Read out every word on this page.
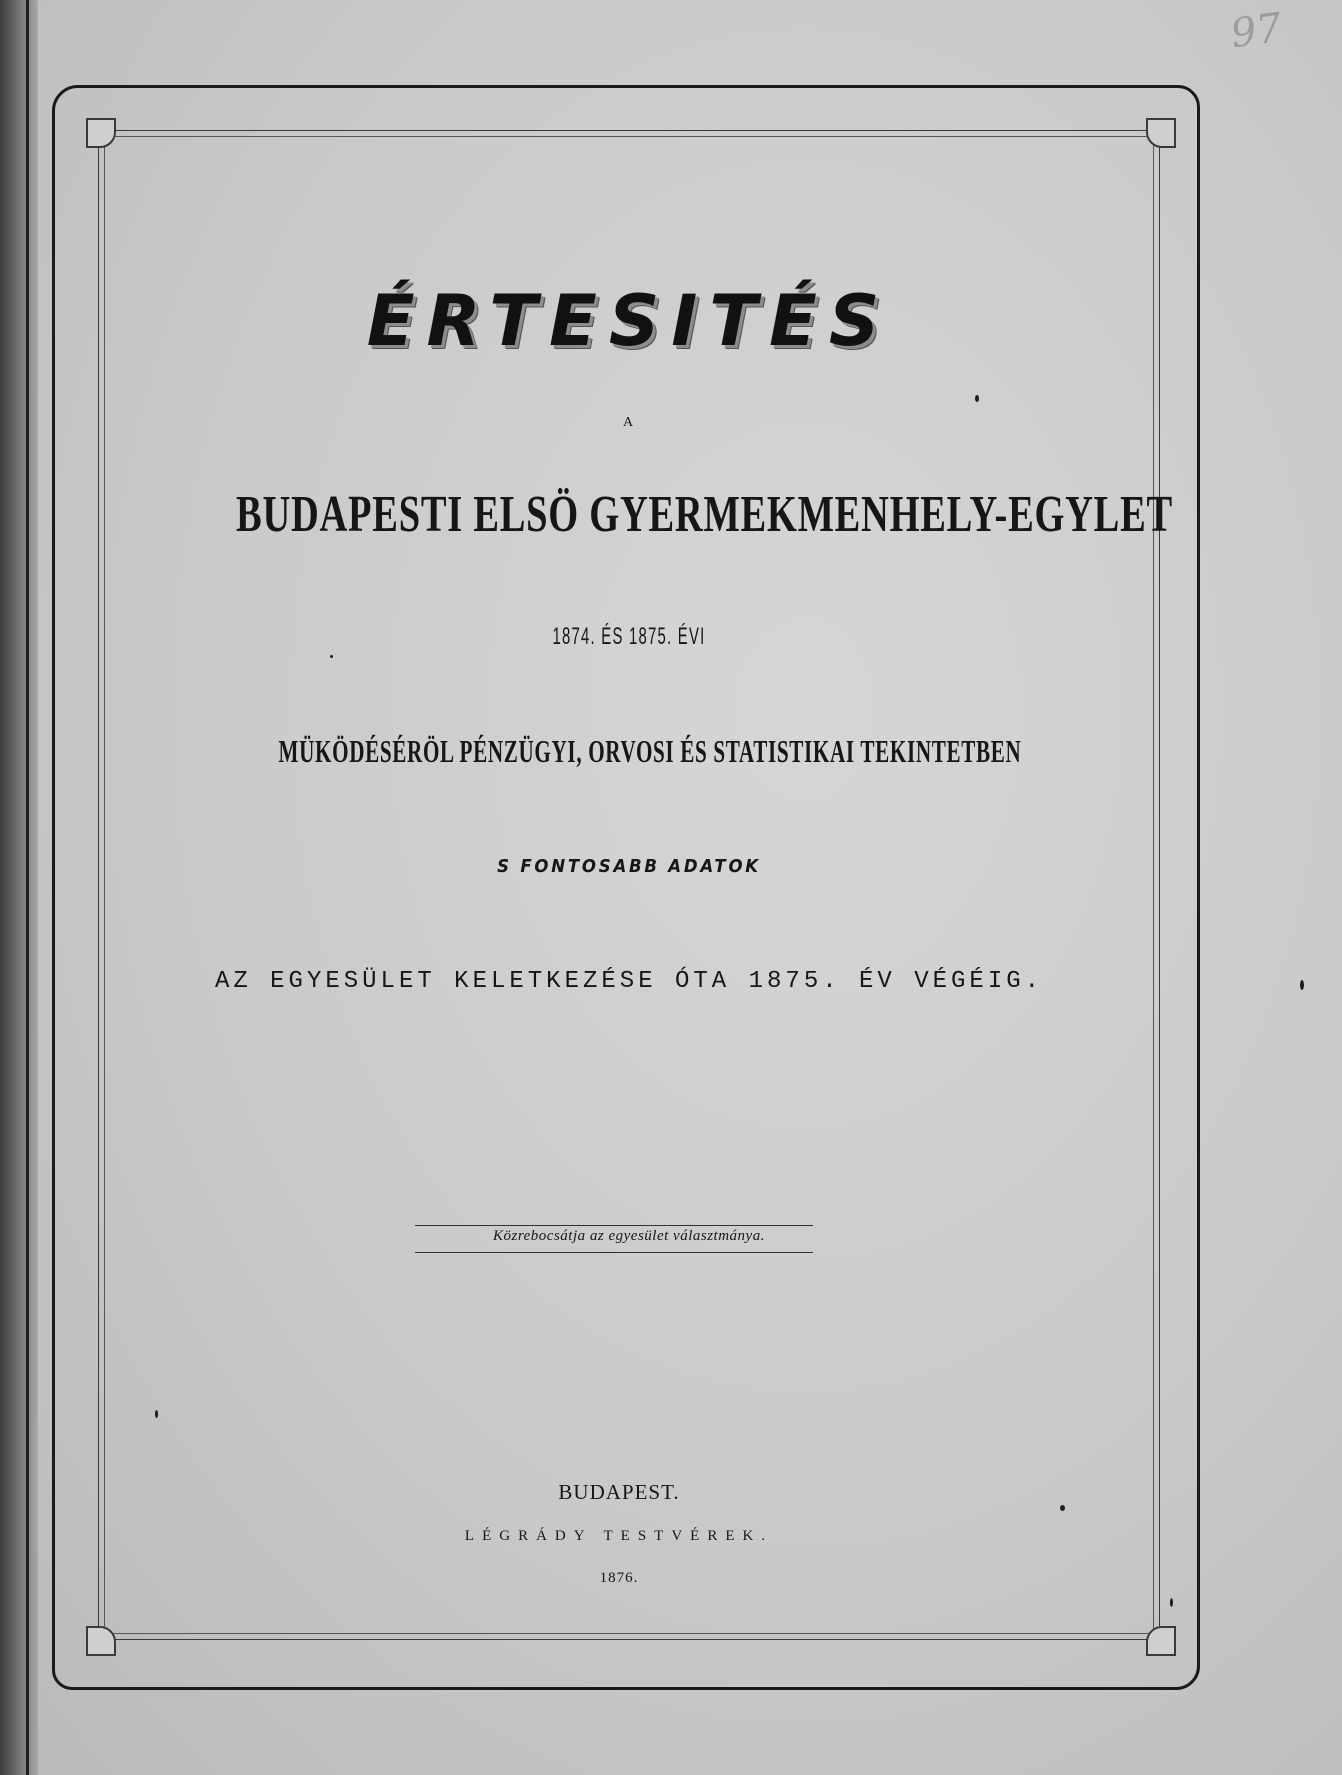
97
ÉRTESITÉS
A
BUDAPESTI ELSÖ GYERMEKMENHELY-EGYLET
1874. ÉS 1875. ÉVI
MÜKÖDÉSÉRÖL PÉNZÜGYI, ORVOSI ÉS STATISTIKAI TEKINTETBEN
S FONTOSABB ADATOK
AZ EGYESÜLET KELETKEZÉSE ÓTA 1875. ÉV VÉGÉIG.
Közrebocsátja az egyesület választmánya.
BUDAPEST.
LÉGRÁDY TESTVÉREK.
1876.
